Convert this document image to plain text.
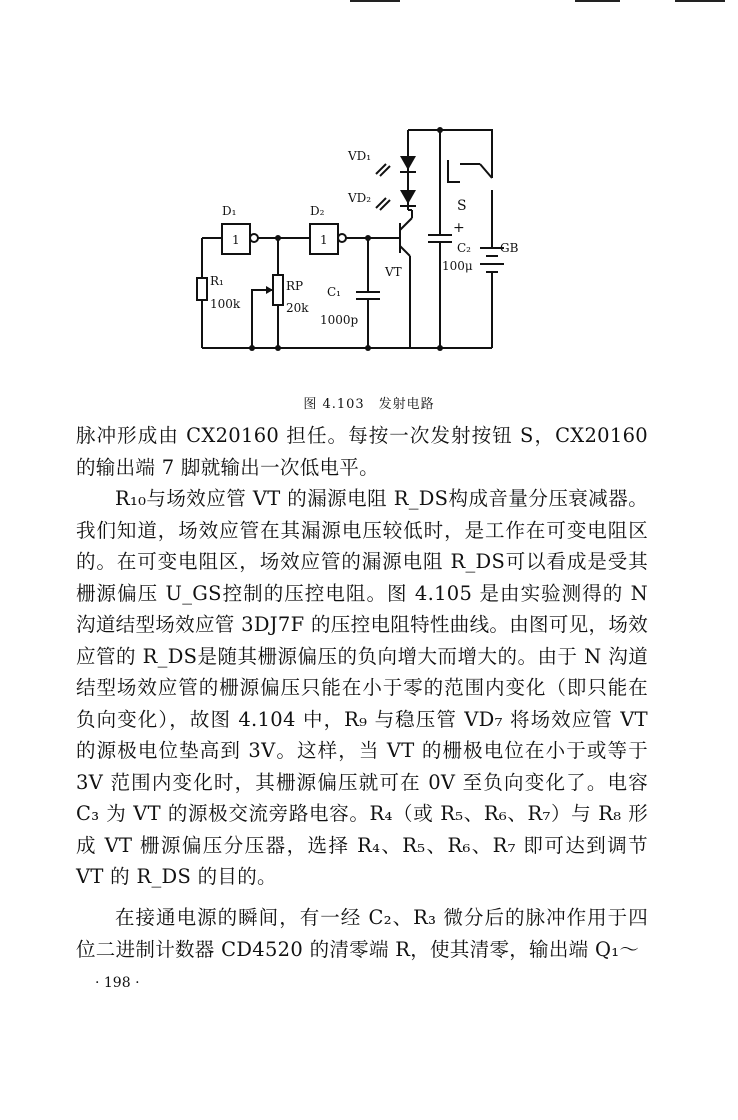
D₁
1
R₁
100k
RP
20k
D₂
1
C₁
1000p
VT
VD₁
VD₂
+
C₂
100μ
S
GB
图 4.103　发射电路

脉冲形成由 CX20160 担任。每按一次发射按钮 S，CX20160 的输出端 7 脚就输出一次低电平。

R₁₀与场效应管 VT 的漏源电阻 R_DS构成音量分压衰减器。我们知道，场效应管在其漏源电压较低时，是工作在可变电阻区的。在可变电阻区，场效应管的漏源电阻 R_DS可以看成是受其栅源偏压 U_GS控制的压控电阻。图 4.105 是由实验测得的 N 沟道结型场效应管 3DJ7F 的压控电阻特性曲线。由图可见，场效应管的 R_DS是随其栅源偏压的负向增大而增大的。由于 N 沟道结型场效应管的栅源偏压只能在小于零的范围内变化（即只能在负向变化），故图 4.104 中，R₉ 与稳压管 VD₇ 将场效应管 VT 的源极电位垫高到 3V。这样，当 VT 的栅极电位在小于或等于 3V 范围内变化时，其栅源偏压就可在 0V 至负向变化了。电容 C₃ 为 VT 的源极交流旁路电容。R₄（或 R₅、R₆、R₇）与 R₈ 形成 VT 栅源偏压分压器，选择 R₄、R₅、R₆、R₇ 即可达到调节 VT 的 R_DS 的目的。

在接通电源的瞬间，有一经 C₂、R₃ 微分后的脉冲作用于四位二进制计数器 CD4520 的清零端 R，使其清零，输出端 Q₁～

· 198 ·
